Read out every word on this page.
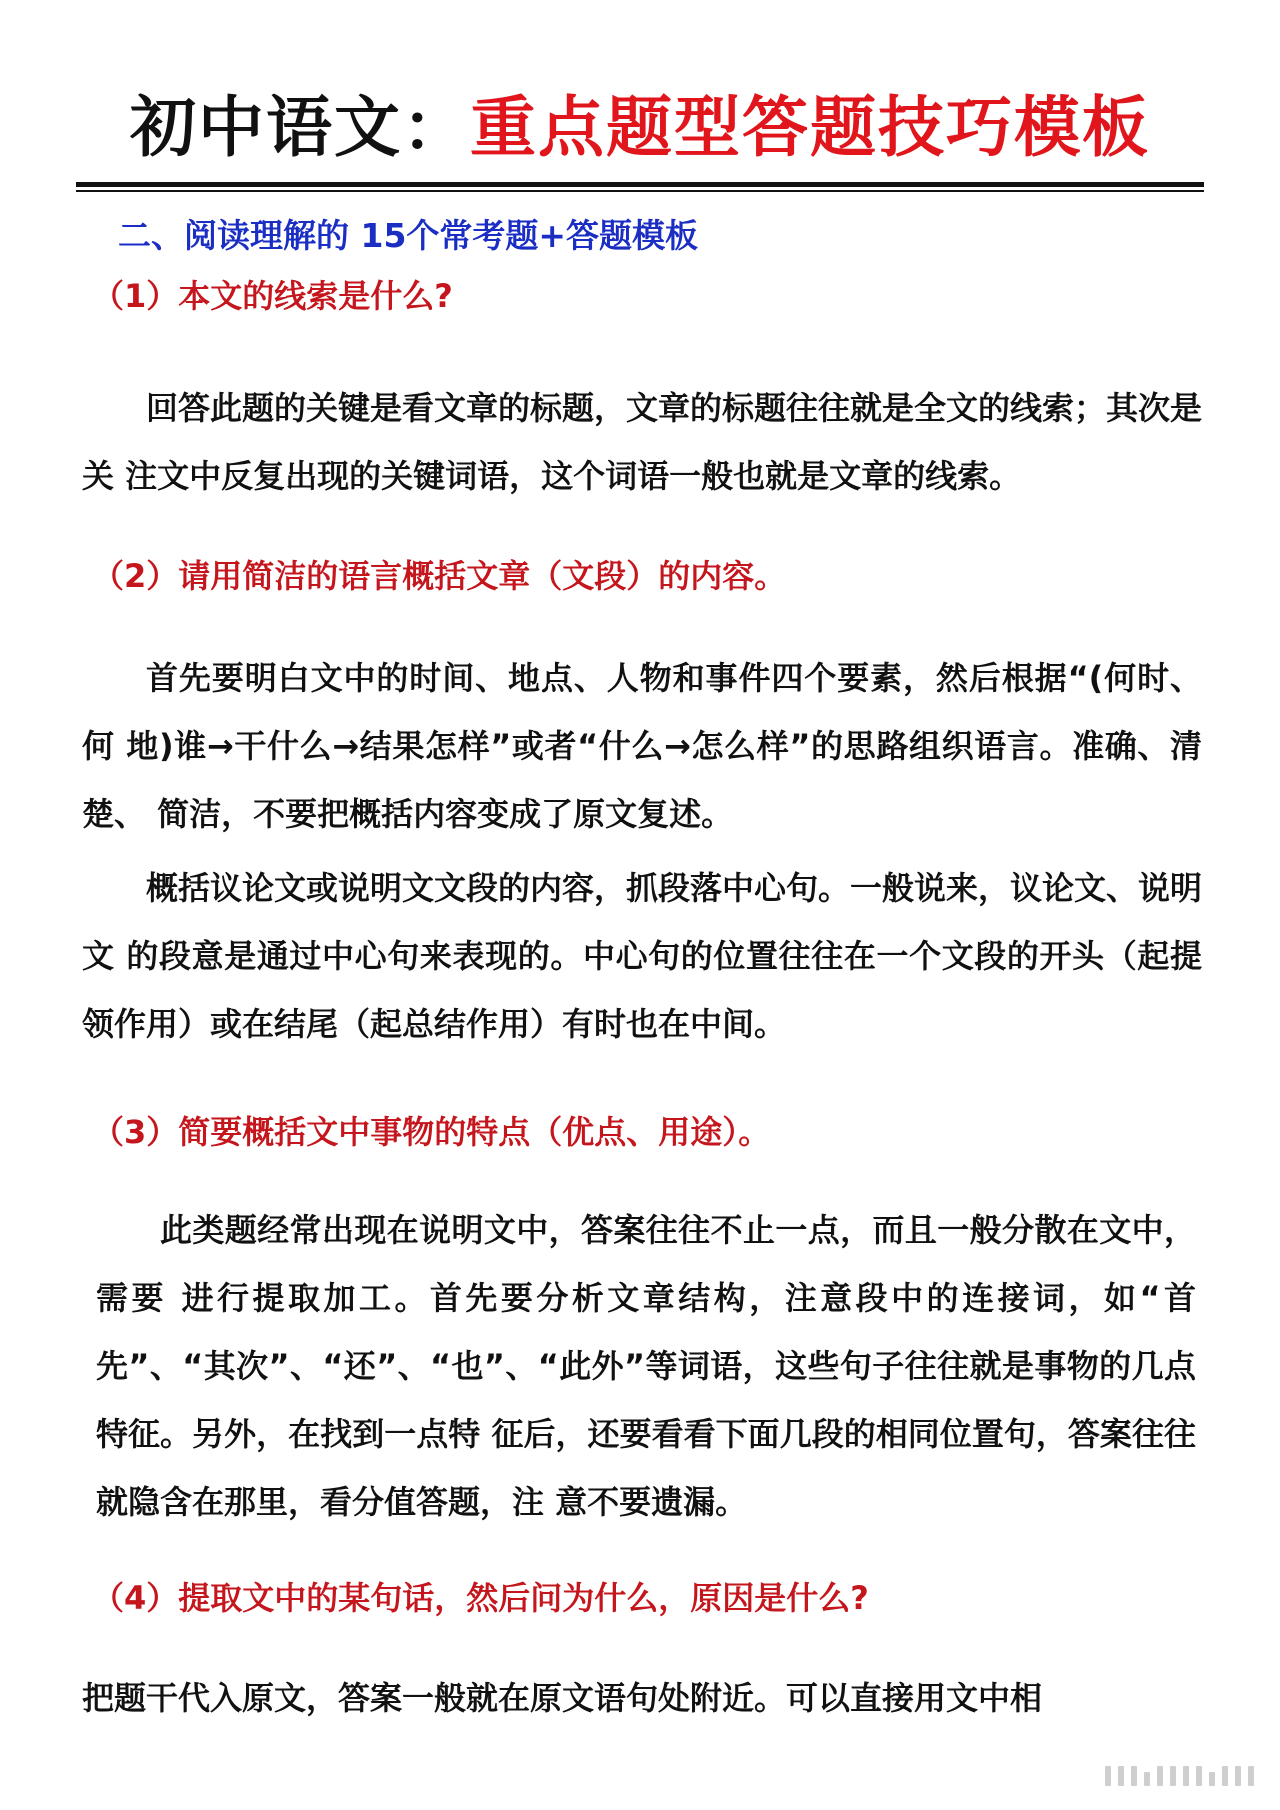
初中语文：重点题型答题技巧模板
二、阅读理解的 15个常考题+答题模板
（1）本文的线索是什么?
回答此题的关键是看文章的标题，文章的标题往往就是全文的线索；其次是关 注文中反复出现的关键词语，这个词语一般也就是文章的线索。
（2）请用简洁的语言概括文章（文段）的内容。
首先要明白文中的时间、地点、人物和事件四个要素，然后根据“(何时、何 地)谁→干什么→结果怎样”或者“什么→怎么样”的思路组织语言。准确、清楚、 简洁，不要把概括内容变成了原文复述。
概括议论文或说明文文段的内容，抓段落中心句。一般说来，议论文、说明文 的段意是通过中心句来表现的。中心句的位置往往在一个文段的开头（起提领作用）或在结尾（起总结作用）有时也在中间。
（3）简要概括文中事物的特点（优点、用途）。
此类题经常出现在说明文中，答案往往不止一点，而且一般分散在文中，需要 进行提取加工。首先要分析文章结构，注意段中的连接词，如“首先”、“其次”、“还”、“也”、“此外”等词语，这些句子往往就是事物的几点特征。另外，在找到一点特 征后，还要看看下面几段的相同位置句，答案往往就隐含在那里，看分值答题，注 意不要遗漏。
（4）提取文中的某句话，然后问为什么，原因是什么?
把题干代入原文，答案一般就在原文语句处附近。可以直接用文中相
